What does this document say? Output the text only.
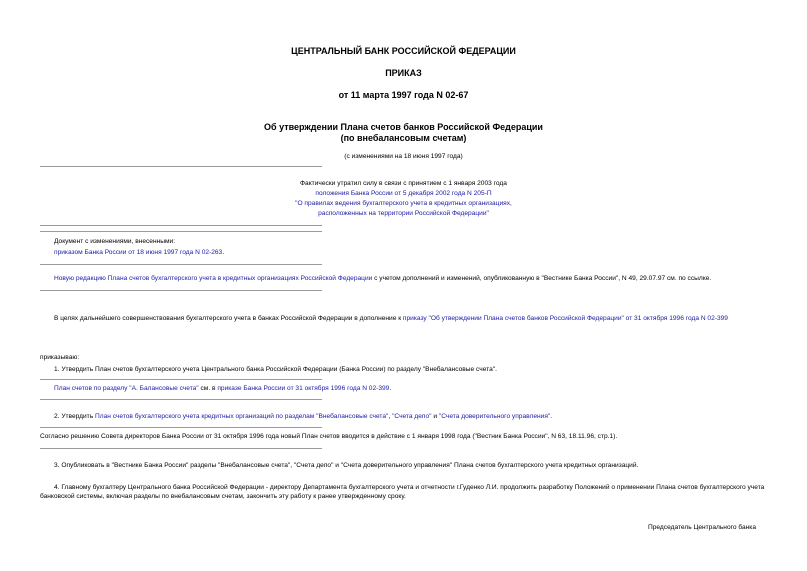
ЦЕНТРАЛЬНЫЙ БАНК РОССИЙСКОЙ ФЕДЕРАЦИИ
ПРИКАЗ
от 11 марта 1997 года N 02-67
Об утверждении Плана счетов банков Российской Федерации
(по внебалансовым счетам)
(с изменениями на 18 июня 1997 года)
Фактически утратил силу в связи с принятием с 1 января 2003 года
положения Банка России от 5 декабря 2002 года N 205-П
"О правилах ведения бухгалтерского учета в кредитных организациях,
расположенных на территории Российской Федерации"
Документ с изменениями, внесенными:
приказом Банка России от 18 июня 1997 года N 02-263.
Новую редакцию Плана счетов бухгалтерского учета в кредитных организациях Российской Федерации с учетом дополнений и изменений, опубликованную в "Вестнике Банка России", N 49, 29.07.97 см. по ссылке.
В целях дальнейшего совершенствования бухгалтерского учета в банках Российской Федерации в дополнение к приказу "Об утверждении Плана счетов банков Российской Федерации" от 31 октября 1996 года N 02-399
приказываю:
1. Утвердить План счетов бухгалтерского учета Центрального банка Российской Федерации (Банка России) по разделу "Внебалансовые счета".
План счетов по разделу "А. Балансовые счета" см. в приказе Банка России от 31 октября 1996 года N 02-399.
2. Утвердить План счетов бухгалтерского учета кредитных организаций по разделам "Внебалансовые счета", "Счета депо" и "Счета доверительного управления".
Согласно решению Совета директоров Банка России от 31 октября 1996 года новый План счетов вводится в действие с 1 января 1998 года ("Вестник Банка России", N 63, 18.11.96, стр.1).
3. Опубликовать в "Вестнике Банка России" разделы "Внебалансовые счета", "Счета депо" и "Счета доверительного управления" Плана счетов бухгалтерского учета кредитных организаций.
4. Главному бухгалтеру Центрального банка Российской Федерации - директору Департамента бухгалтерского учета и отчетности г.Гуденко Л.И. продолжить разработку Положений о применении Плана счетов бухгалтерского учета банковской системы, включая разделы по внебалансовым счетам, закончить эту работу к ранее утвержденному сроку.
Председатель Центрального банка
